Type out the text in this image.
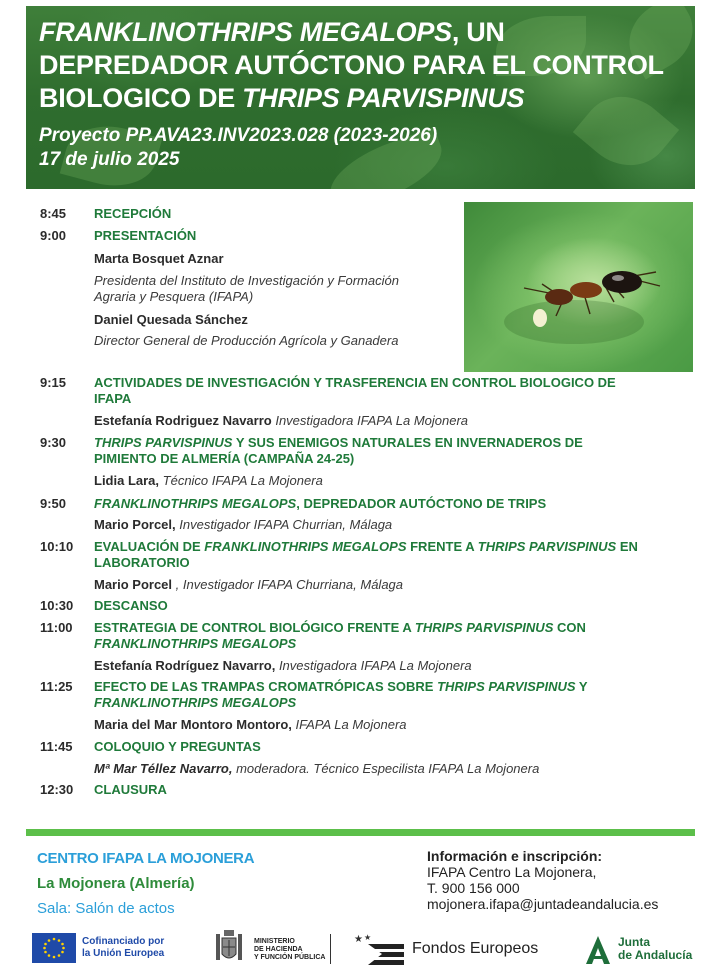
FRANKLINOTHRIPS MEGALOPS, UN
DEPREDADOR AUTÓCTONO PARA EL CONTROL
BIOLOGICO DE THRIPS PARVISPINUS
Proyecto PP.AVA23.INV2023.028 (2023-2026)
17 de julio 2025
8:45	RECEPCIÓN
9:00	PRESENTACIÓN
Marta Bosquet Aznar
Presidenta del Instituto de Investigación y Formación
Agraria y Pesquera (IFAPA)
Daniel Quesada Sánchez
Director General de Producción Agrícola y Ganadera
9:15	ACTIVIDADES DE INVESTIGACIÓN Y TRASFERENCIA EN CONTROL BIOLOGICO DE
IFAPA
Estefanía Rodriguez Navarro Investigadora IFAPA La Mojonera
9:30	THRIPS PARVISPINUS Y SUS ENEMIGOS NATURALES EN INVERNADEROS DE
PIMIENTO DE ALMERÍA (CAMPAÑA 24-25)
Lidia Lara, Técnico IFAPA La Mojonera
9:50	FRANKLINOTHRIPS MEGALOPS, DEPREDADOR AUTÓCTONO DE TRIPS
Mario Porcel, Investigador IFAPA Churrian, Málaga
10:10	EVALUACIÓN DE FRANKLINOTHRIPS MEGALOPS FRENTE A THRIPS PARVISPINUS EN
LABORATORIO
Mario Porcel , Investigador IFAPA Churriana, Málaga
10:30	DESCANSO
11:00	ESTRATEGIA DE CONTROL BIOLÓGICO FRENTE A THRIPS PARVISPINUS CON
FRANKLINOTHRIPS MEGALOPS
Estefanía Rodríguez Navarro, Investigadora IFAPA La Mojonera
11:25	EFECTO DE LAS TRAMPAS CROMATRÓPICAS SOBRE THRIPS PARVISPINUS Y
FRANKLINOTHRIPS MEGALOPS
Maria del Mar Montoro Montoro, IFAPA La Mojonera
11:45	COLOQUIO Y PREGUNTAS
Mª Mar Téllez Navarro, moderadora. Técnico Especilista IFAPA La Mojonera
12:30	CLAUSURA
CENTRO IFAPA LA MOJONERA
La Mojonera (Almería)
Sala: Salón de actos
Información e inscripción:
IFAPA Centro La Mojonera,
T. 900 156 000
mojonera.ifapa@juntadeandalucia.es
Cofinanciado por
la Unión Europea
MINISTERIO
DE HACIENDA
Y FUNCIÓN PÚBLICA
★ ★
Fondos Europeos	Junta
de Andalucía
